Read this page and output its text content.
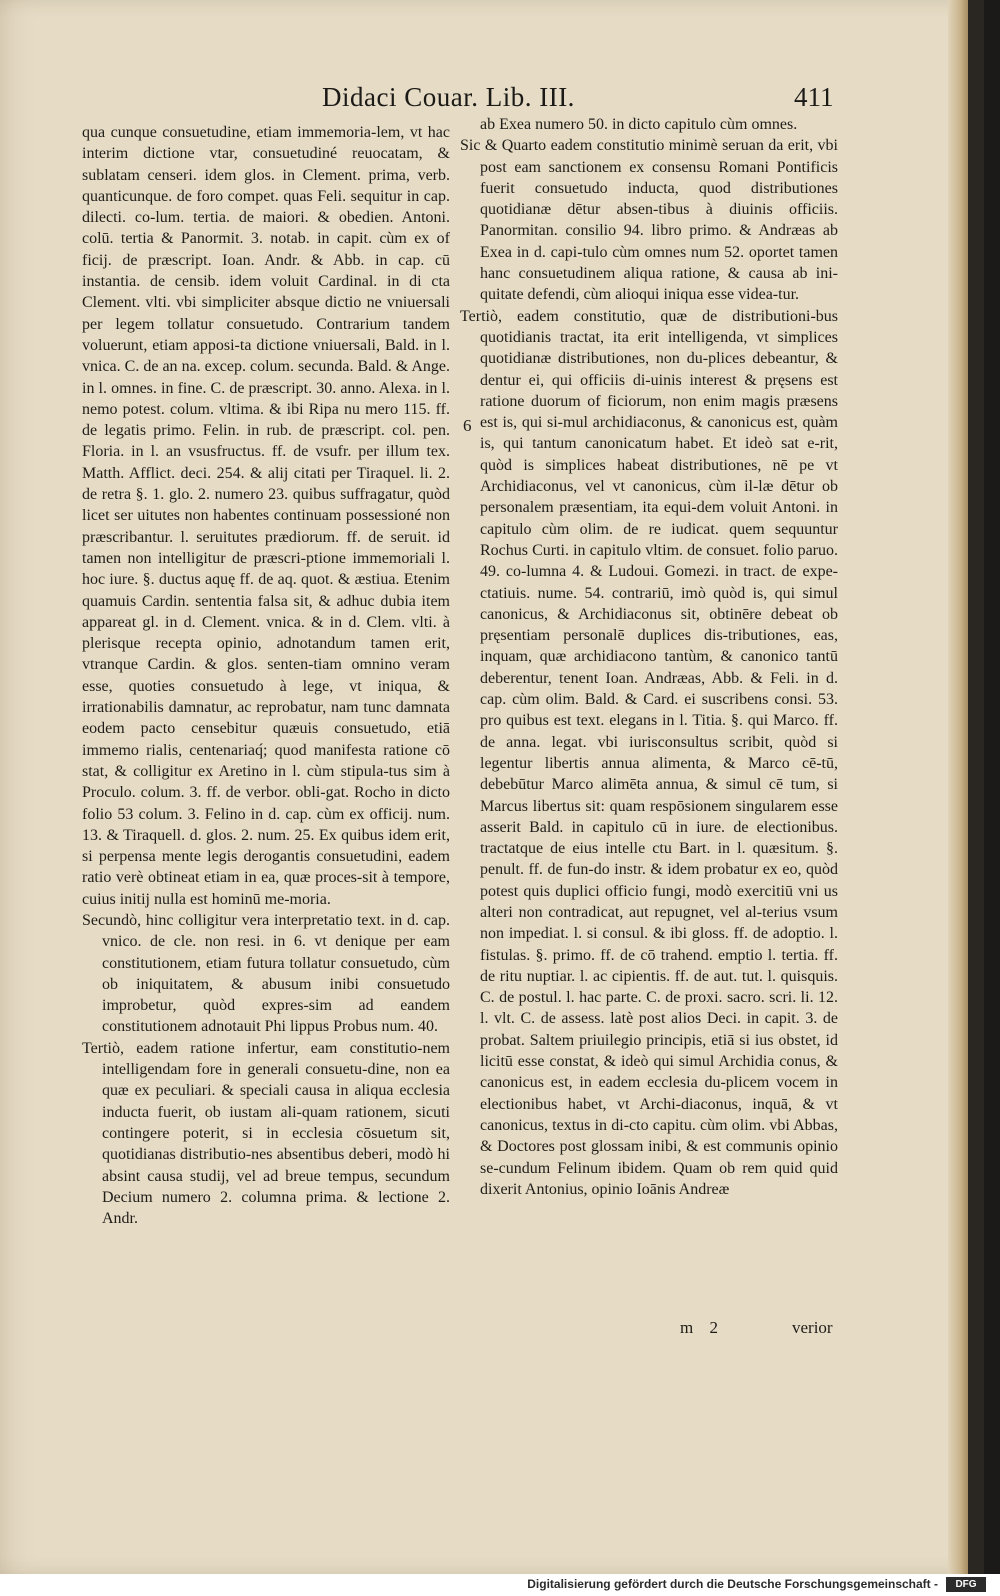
Didaci Couar. Lib. III.	411

qua cunque consuetudine, etiam immemoria-lem, vt hac interim dictione vtar, consuetudiné reuocatam, & sublatam censeri. idem glos. in Clement. prima, verb. quanticunque. de foro compet. quas Feli. sequitur in cap. dilecti. co-lum. tertia. de maiori. & obedien. Antoni. colū. tertia & Panormit. 3. notab. in capit. cùm ex of ficij. de præscript. Ioan. Andr. & Abb. in cap. cū instantia. de censib. idem voluit Cardinal. in di cta Clement. vlti. vbi simpliciter absque dictio ne vniuersali per legem tollatur consuetudo. Contrarium tandem voluerunt, etiam apposi-ta dictione vniuersali, Bald. in l. vnica. C. de an na. excep. colum. secunda. Bald. & Ange. in l. omnes. in fine. C. de præscript. 30. anno. Alexa. in l. nemo potest. colum. vltima. & ibi Ripa nu mero 115. ff. de legatis primo. Felin. in rub. de præscript. col. pen. Floria. in l. an vsusfructus. ff. de vsufr. per illum tex. Matth. Afflict. deci. 254. & alij citati per Tiraquel. li. 2. de retra §. 1. glo. 2. numero 23. quibus suffragatur, quòd licet ser uitutes non habentes continuam possessioné non præscribantur. l. seruitutes prædiorum. ff. de seruit. id tamen non intelligitur de præscri-ptione immemoriali l. hoc iure. §. ductus aquę ff. de aq. quot. & æstiua. Etenim quamuis Cardin. sententia falsa sit, & adhuc dubia item appareat gl. in d. Clement. vnica. & in d. Clem. vlti. à plerisque recepta opinio, adnotandum tamen erit, vtranque Cardin. & glos. senten-tiam omnino veram esse, quoties consuetudo à lege, vt iniqua, & irrationabilis damnatur, ac reprobatur, nam tunc damnata eodem pacto censebitur quæuis consuetudo, etiā immemo rialis, centenariaq́; quod manifesta ratione cō stat, & colligitur ex Aretino in l. cùm stipula-tus sim à Proculo. colum. 3. ff. de verbor. obli-gat. Rocho in dicto folio 53 colum. 3. Felino in d. cap. cùm ex officij. num. 13. & Tiraquell. d. glos. 2. num. 25. Ex quibus idem erit, si perpensa mente legis derogantis consuetudini, eadem ratio verè obtineat etiam in ea, quæ proces-sit à tempore, cuius initij nulla est hominū me-moria.

Secundò, hinc colligitur vera interpretatio text. in d. cap. vnico. de cle. non resi. in 6. vt denique per eam constitutionem, etiam futura tollatur consuetudo, cùm ob iniquitatem, & abusum inibi consuetudo improbetur, quòd expres-sim ad eandem constitutionem adnotauit Phi lippus Probus num. 40.

Tertiò, eadem ratione infertur, eam constitutio-nem intelligendam fore in generali consuetu-dine, non ea quæ ex peculiari. & speciali causa in aliqua ecclesia inducta fuerit, ob iustam ali-quam rationem, sicuti contingere poterit, si in ecclesia cōsuetum sit, quotidianas distributio-nes absentibus deberi, modò hi absint causa studij, vel ad breue tempus, secundum Decium numero 2. columna prima. & lectione 2. Andr.

ab Exea numero 50. in dicto capitulo cùm omnes.

Sic & Quarto eadem constitutio minimè seruan da erit, vbi post eam sanctionem ex consensu Romani Pontificis fuerit consuetudo inducta, quod distributiones quotidianæ dētur absen-tibus à diuinis officiis. Panormitan. consilio 94. libro primo. & Andræas ab Exea in d. capi-tulo cùm omnes num 52. oportet tamen hanc consuetudinem aliqua ratione, & causa ab ini-quitate defendi, cùm alioqui iniqua esse videa-tur.

Tertiò, eadem constitutio, quæ de distributioni-bus quotidianis tractat, ita erit intelligenda, vt simplices quotidianæ distributiones, non du-plices debeantur, & dentur ei, qui officiis di-uinis interest & pręsens est ratione duorum of ficiorum, non enim magis præsens est is, qui si-mul archidiaconus, & canonicus est, quàm is, qui tantum canonicatum habet. Et ideò sat e-rit, quòd is simplices habeat distributiones, nē pe vt Archidiaconus, vel vt canonicus, cùm il-læ dētur ob personalem præsentiam, ita equi-dem voluit Antoni. in capitulo cùm olim. de re iudicat. quem sequuntur Rochus Curti. in capitulo vltim. de consuet. folio paruo. 49. co-lumna 4. & Ludoui. Gomezi. in tract. de expe-ctatiuis. nume. 54. contrariū, imò quòd is, qui simul canonicus, & Archidiaconus sit, obtinēre debeat ob pręsentiam personalē duplices dis-tributiones, eas, inquam, quæ archidiacono tantùm, & canonico tantū deberentur, tenent Ioan. Andræas, Abb. & Feli. in d. cap. cùm olim. Bald. & Card. ei suscribens consi. 53. pro quibus est text. elegans in l. Titia. §. qui Marco. ff. de anna. legat. vbi iurisconsultus scribit, quòd si legentur libertis annua alimenta, & Marco cē-tū, debebūtur Marco alimēta annua, & simul cē tum, si Marcus libertus sit: quam respōsionem singularem esse asserit Bald. in capitulo cū in iure. de electionibus. tractatque de eius intelle ctu Bart. in l. quæsitum. §. penult. ff. de fun-do instr. & idem probatur ex eo, quòd potest quis duplici officio fungi, modò exercitiū vni us alteri non contradicat, aut repugnet, vel al-terius vsum non impediat. l. si consul. & ibi gloss. ff. de adoptio. l. fistulas. §. primo. ff. de cō trahend. emptio l. tertia. ff. de ritu nuptiar. l. ac cipientis. ff. de aut. tut. l. quisquis. C. de postul. l. hac parte. C. de proxi. sacro. scri. li. 12. l. vlt. C. de assess. latè post alios Deci. in capit. 3. de probat. Saltem priuilegio principis, etiā si ius obstet, id licitū esse constat, & ideò qui simul Archidia conus, & canonicus est, in eadem ecclesia du-plicem vocem in electionibus habet, vt Archi-diaconus, inquā, & vt canonicus, textus in di-cto capitu. cùm olim. vbi Abbas, & Doctores post glossam inibi, & est communis opinio se-cundum Felinum ibidem. Quam ob rem quid quid dixerit Antonius, opinio Ioānis Andreæ

6
m 2	verior
Digitalisierung gefördert durch die Deutsche Forschungsgemeinschaft -	DFG
